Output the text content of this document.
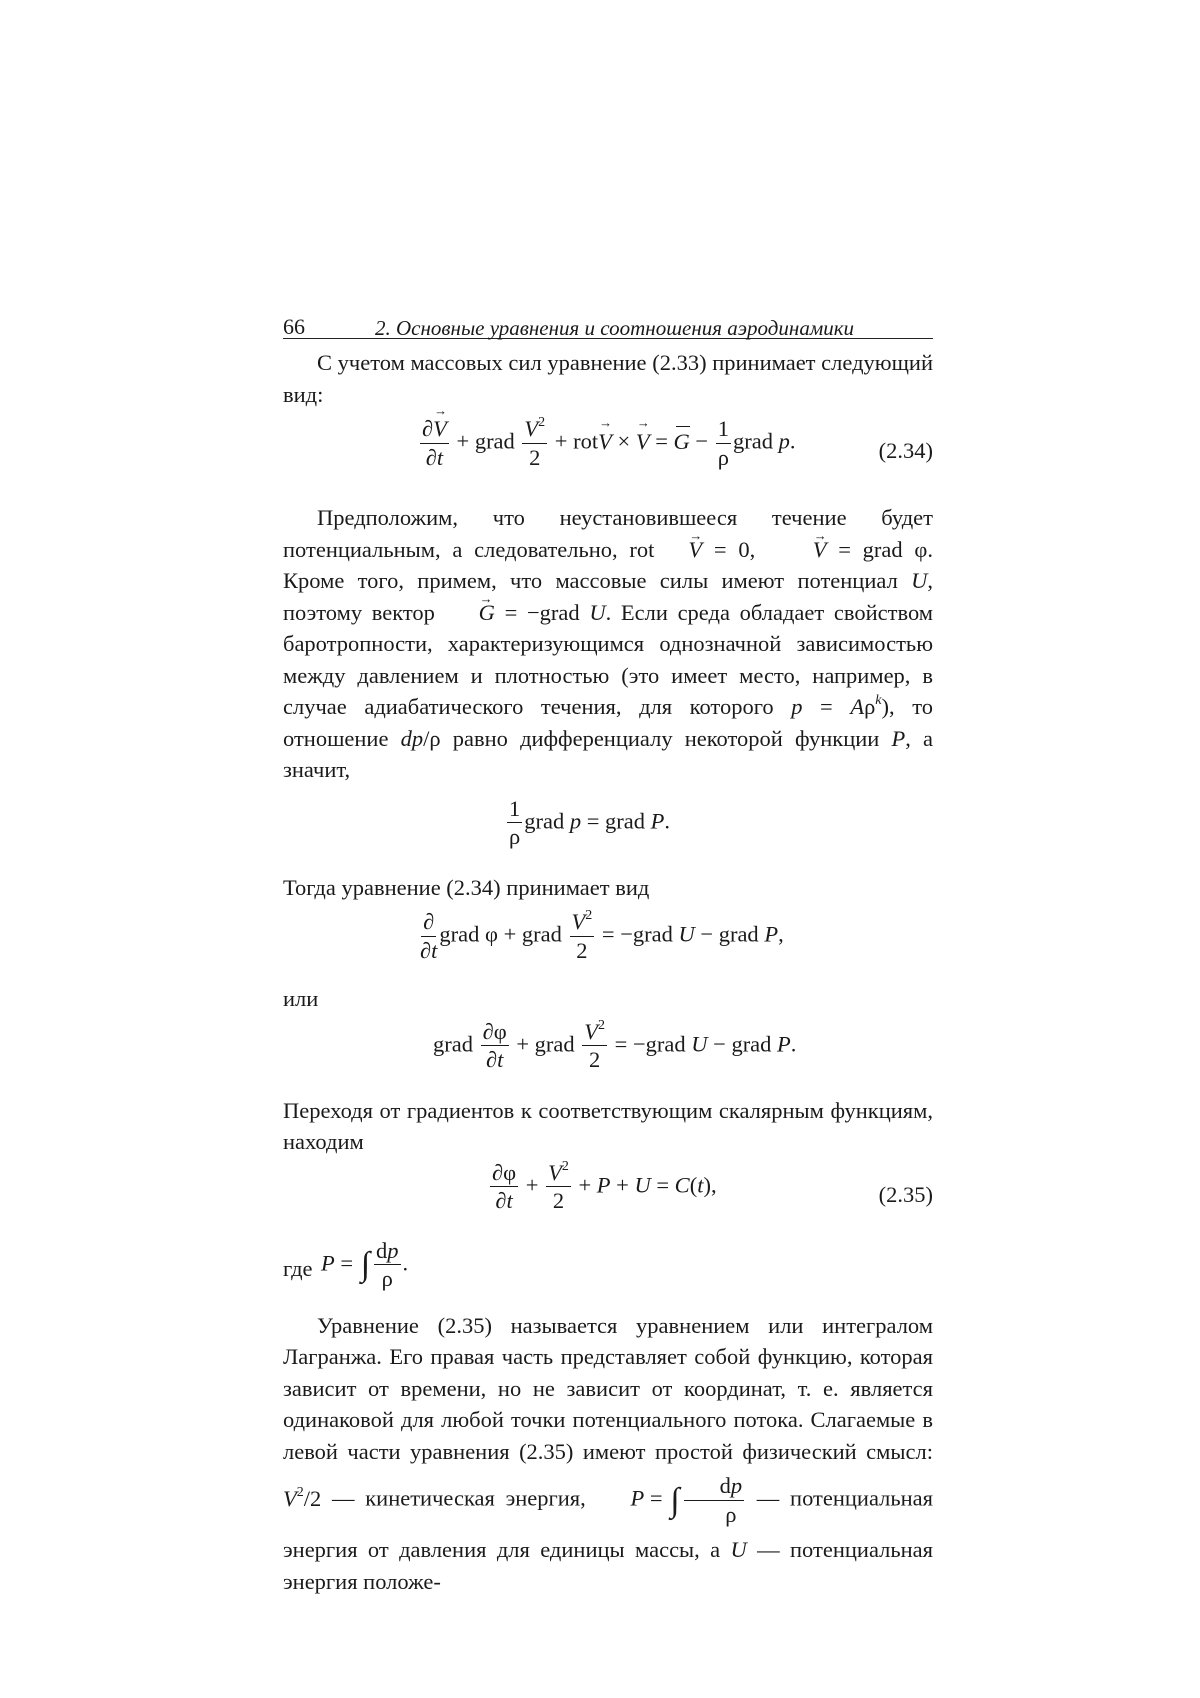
66	2. Основные уравнения и соотношения аэродинамики

С учетом массовых сил уравнение (2.33) принимает следующий вид:

$\frac{\partial\to V}{\partial t}$ + grad $\frac{V^2}{2} + rot\to V$ × → $V = G - \frac{1}{\rho}$ grad p.	(2.34)

Предположим, что неустановившееся течение будет потенциальным, а следовательно, rot → V = 0,  → V = grad φ. Кроме того, примем, что массовые силы имеют потенциал U, поэтому вектор → G = −grad U. Если среда обладает свойством баротропности, характеризующимся однозначной зависимостью между давлением и плотностью (это имеет место, например, в случае адиабатического течения, для которого $p = A\rho^k$), то отношение dp/ρ равно дифференциалу некоторой функции P, а значит,

$\frac{1}{\rho}$ grad p = grad P.

Тогда уравнение (2.34) принимает вид

$\frac{\partial}{\partial t}$ grad φ + grad $\frac{V^2}{2}$ = −grad U − grad P,

или

grad $\frac{\partial\varphi}{\partial t}$ + grad $\frac{V^2}{2}$ = −grad U − grad P.

Переходя от градиентов к соответствующим скалярным функциям, находим

$\frac{\partial\varphi}{\partial t} + \frac{V^2}{2} + P + U = C(t)$,	(2.35)
где P = ∫ $\frac{dp}{\rho}$ .

Уравнение (2.35) называется уравнением или интегралом Лагранжа. Его правая часть представляет собой функцию, которая зависит от времени, но не зависит от координат, т. е. является одинаковой для любой точки потенциального потока. Слагаемые в левой части уравнения (2.35) имеют простой физический смысл: $V^2/2$ — кинетическая энергия, P = ∫ $\frac{dp}{\rho}$ — потенциальная энергия от давления для единицы массы, а U — потенциальная энергия положе-
